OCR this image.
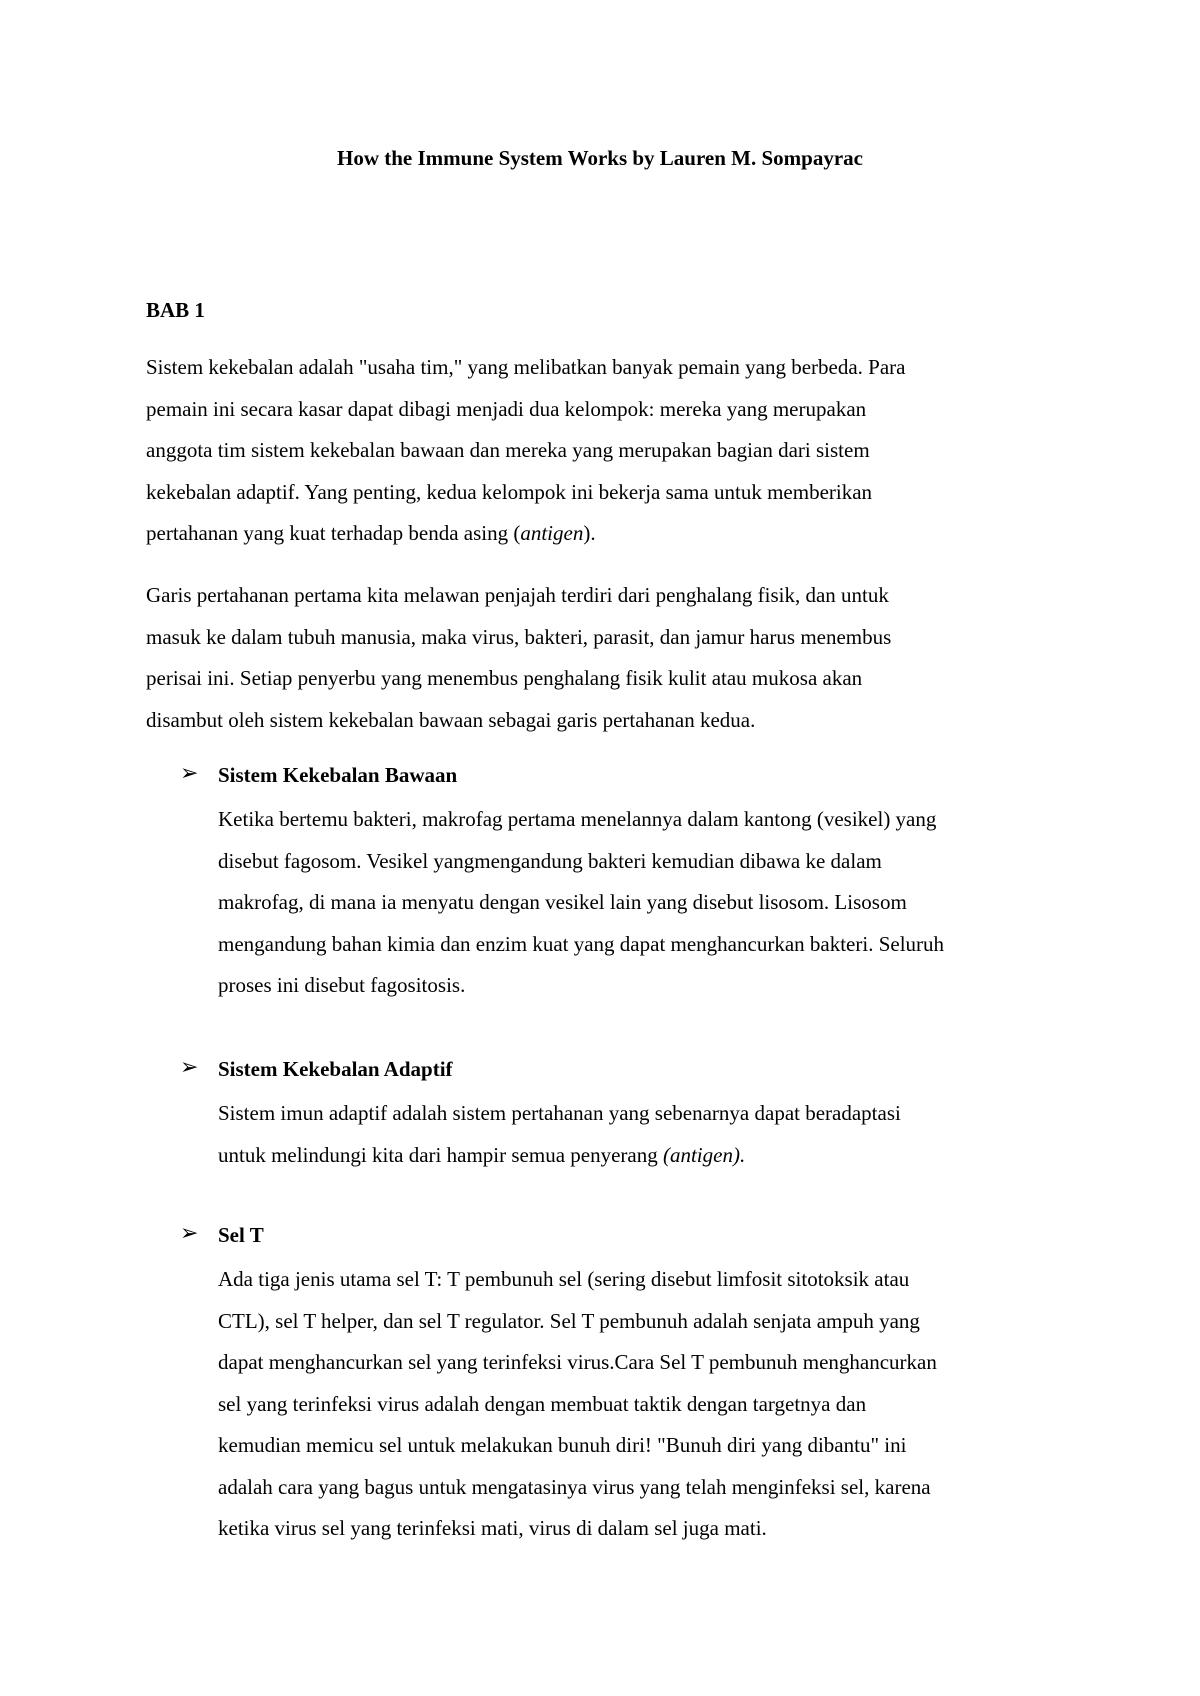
How the Immune System Works by Lauren M. Sompayrac
BAB 1

Sistem kekebalan adalah "usaha tim," yang melibatkan banyak pemain yang berbeda. Para
pemain ini secara kasar dapat dibagi menjadi dua kelompok: mereka yang merupakan
anggota tim sistem kekebalan bawaan dan mereka yang merupakan bagian dari sistem
kekebalan adaptif. Yang penting, kedua kelompok ini bekerja sama untuk memberikan
pertahanan yang kuat terhadap benda asing (antigen).

Garis pertahanan pertama kita melawan penjajah terdiri dari penghalang fisik, dan untuk
masuk ke dalam tubuh manusia, maka virus, bakteri, parasit, dan jamur harus menembus
perisai ini. Setiap penyerbu yang menembus penghalang fisik kulit atau mukosa akan
disambut oleh sistem kekebalan bawaan sebagai garis pertahanan kedua.

➢ Sistem Kekebalan Bawaan
Ketika bertemu bakteri, makrofag pertama menelannya dalam kantong (vesikel) yang
disebut fagosom. Vesikel yangmengandung bakteri kemudian dibawa ke dalam
makrofag, di mana ia menyatu dengan vesikel lain yang disebut lisosom. Lisosom
mengandung bahan kimia dan enzim kuat yang dapat menghancurkan bakteri. Seluruh
proses ini disebut fagositosis.
➢ Sistem Kekebalan Adaptif
Sistem imun adaptif adalah sistem pertahanan yang sebenarnya dapat beradaptasi
untuk melindungi kita dari hampir semua penyerang (antigen).
➢ Sel T
Ada tiga jenis utama sel T: T pembunuh sel (sering disebut limfosit sitotoksik atau
CTL), sel T helper, dan sel T regulator. Sel T pembunuh adalah senjata ampuh yang
dapat menghancurkan sel yang terinfeksi virus.Cara Sel T pembunuh menghancurkan
sel yang terinfeksi virus adalah dengan membuat taktik dengan targetnya dan
kemudian memicu sel untuk melakukan bunuh diri! "Bunuh diri yang dibantu" ini
adalah cara yang bagus untuk mengatasinya virus yang telah menginfeksi sel, karena
ketika virus sel yang terinfeksi mati, virus di dalam sel juga mati.
